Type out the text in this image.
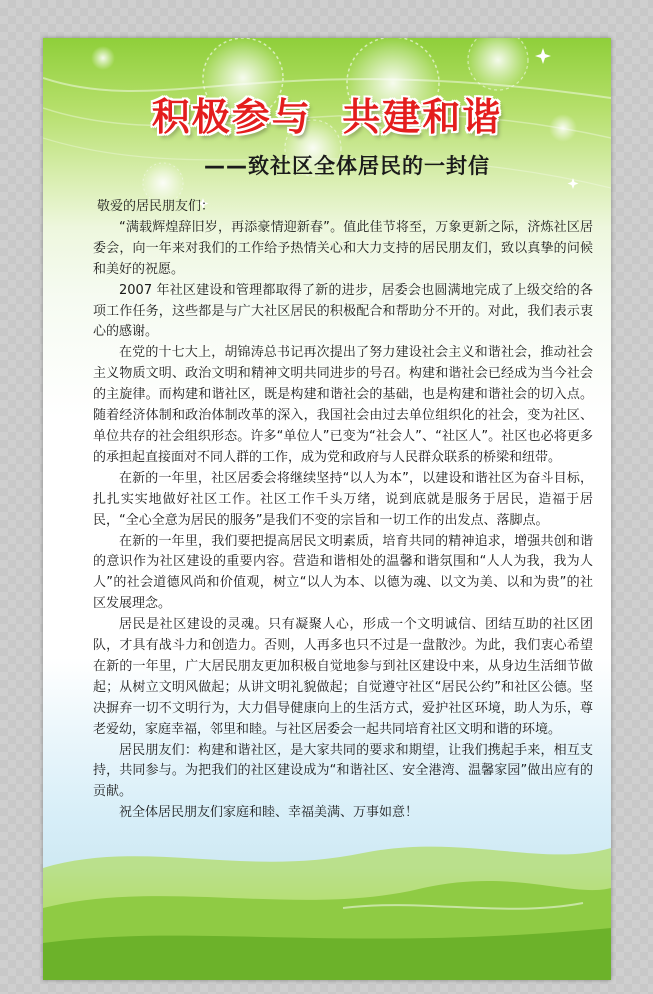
积极参与  共建和谐
——致社区全体居民的一封信

敬爱的居民朋友们：

“满载辉煌辞旧岁，再添豪情迎新春”。值此佳节将至，万象更新之际，济炼社区居委会，向一年来对我们的工作给予热情关心和大力支持的居民朋友们，致以真挚的问候和美好的祝愿。

2007 年社区建设和管理都取得了新的进步，居委会也圆满地完成了上级交给的各项工作任务，这些都是与广大社区居民的积极配合和帮助分不开的。对此，我们表示衷心的感谢。

在党的十七大上，胡锦涛总书记再次提出了努力建设社会主义和谐社会，推动社会主义物质文明、政治文明和精神文明共同进步的号召。构建和谐社会已经成为当今社会的主旋律。而构建和谐社区，既是构建和谐社会的基础，也是构建和谐社会的切入点。随着经济体制和政治体制改革的深入，我国社会由过去单位组织化的社会，变为社区、单位共存的社会组织形态。许多“单位人”已变为“社会人”、“社区人”。社区也必将更多的承担起直接面对不同人群的工作，成为党和政府与人民群众联系的桥梁和纽带。

在新的一年里，社区居委会将继续坚持“以人为本”，以建设和谐社区为奋斗目标，扎扎实实地做好社区工作。社区工作千头万绪，说到底就是服务于居民，造福于居民，“全心全意为居民的服务”是我们不变的宗旨和一切工作的出发点、落脚点。

在新的一年里，我们要把提高居民文明素质，培育共同的精神追求，增强共创和谐的意识作为社区建设的重要内容。营造和谐相处的温馨和谐氛围和“人人为我，我为人人”的社会道德风尚和价值观，树立“以人为本、以德为魂、以文为美、以和为贵”的社区发展理念。

居民是社区建设的灵魂。只有凝聚人心，形成一个文明诚信、团结互助的社区团队，才具有战斗力和创造力。否则，人再多也只不过是一盘散沙。为此，我们衷心希望在新的一年里，广大居民朋友更加积极自觉地参与到社区建设中来，从身边生活细节做起；从树立文明风做起；从讲文明礼貌做起；自觉遵守社区“居民公约”和社区公德。坚决摒弃一切不文明行为，大力倡导健康向上的生活方式，爱护社区环境，助人为乐，尊老爱幼，家庭幸福，邻里和睦。与社区居委会一起共同培育社区文明和谐的环境。

居民朋友们：构建和谐社区，是大家共同的要求和期望，让我们携起手来，相互支持，共同参与。为把我们的社区建设成为“和谐社区、安全港湾、温馨家园”做出应有的贡献。

祝全体居民朋友们家庭和睦、幸福美满、万事如意！
